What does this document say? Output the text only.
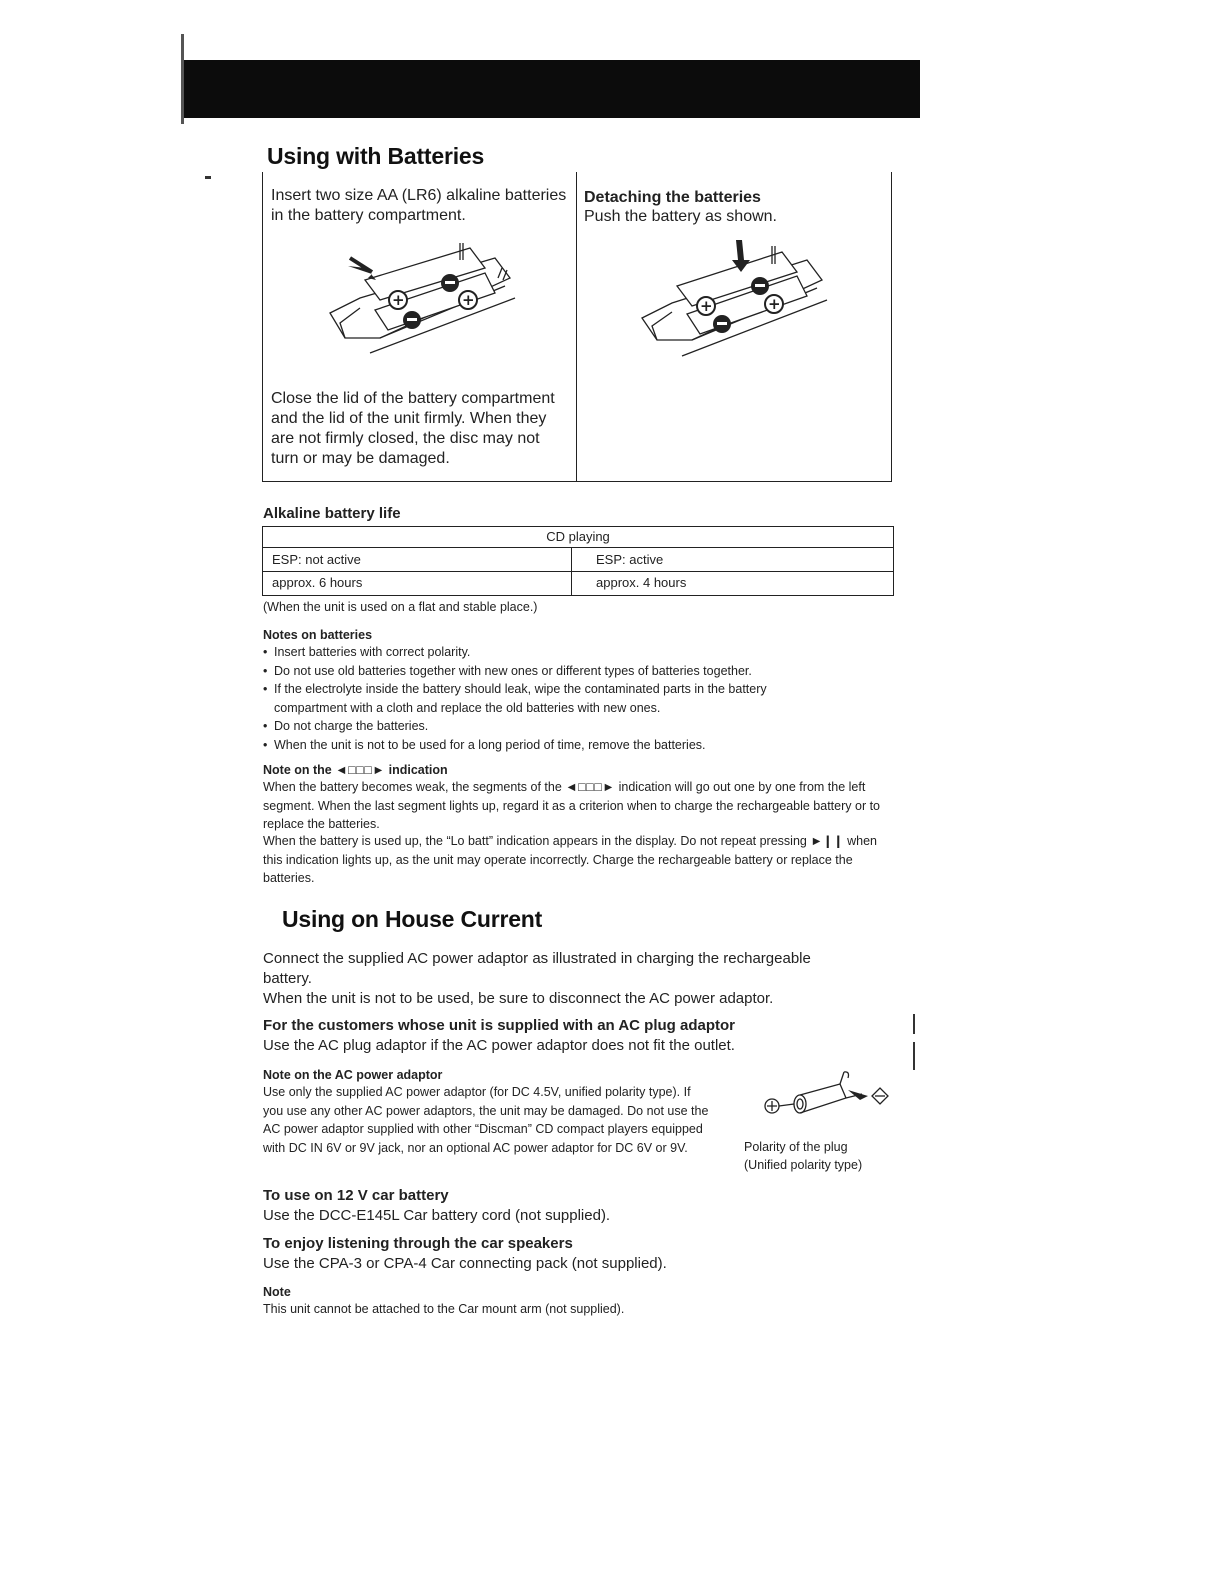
Using with Batteries
Insert two size AA (LR6) alkaline batteries in the battery compartment.
+	+
Close the lid of the battery compartment and the lid of the unit firmly. When they are not firmly closed, the disc may not turn or may be damaged.
Detaching the batteries
Push the battery as shown.
+	+
Alkaline battery life
CD playing
ESP: not active	ESP: active
approx. 6 hours	approx. 4 hours
(When the unit is used on a flat and stable place.)
Notes on batteries
• Insert batteries with correct polarity.
• Do not use old batteries together with new ones or different types of batteries together.
• If the electrolyte inside the battery should leak, wipe the contaminated parts in the battery compartment with a cloth and replace the old batteries with new ones.
• Do not charge the batteries.
• When the unit is not to be used for a long period of time, remove the batteries.
Note on the ◄□□□► indication
When the battery becomes weak, the segments of the ◄□□□► indication will go out one by one from the left segment. When the last segment lights up, regard it as a criterion when to charge the rechargeable battery or to replace the batteries.
When the battery is used up, the “Lo batt” indication appears in the display. Do not repeat pressing ►❙❙ when this indication lights up, as the unit may operate incorrectly. Charge the rechargeable battery or replace the batteries.
Using on House Current
Connect the supplied AC power adaptor as illustrated in charging the rechargeable battery.
When the unit is not to be used, be sure to disconnect the AC power adaptor.
For the customers whose unit is supplied with an AC plug adaptor
Use the AC plug adaptor if the AC power adaptor does not fit the outlet.
Note on the AC power adaptor
Use only the supplied AC power adaptor (for DC 4.5V, unified polarity type). If you use any other AC power adaptors, the unit may be damaged. Do not use the AC power adaptor supplied with other “Discman” CD compact players equipped with DC IN 6V or 9V jack, nor an optional AC power adaptor for DC 6V or 9V.	Polarity of the plug
(Unified polarity type)
To use on 12 V car battery
Use the DCC-E145L Car battery cord (not supplied).
To enjoy listening through the car speakers
Use the CPA-3 or CPA-4 Car connecting pack (not supplied).
Note
This unit cannot be attached to the Car mount arm (not supplied).
